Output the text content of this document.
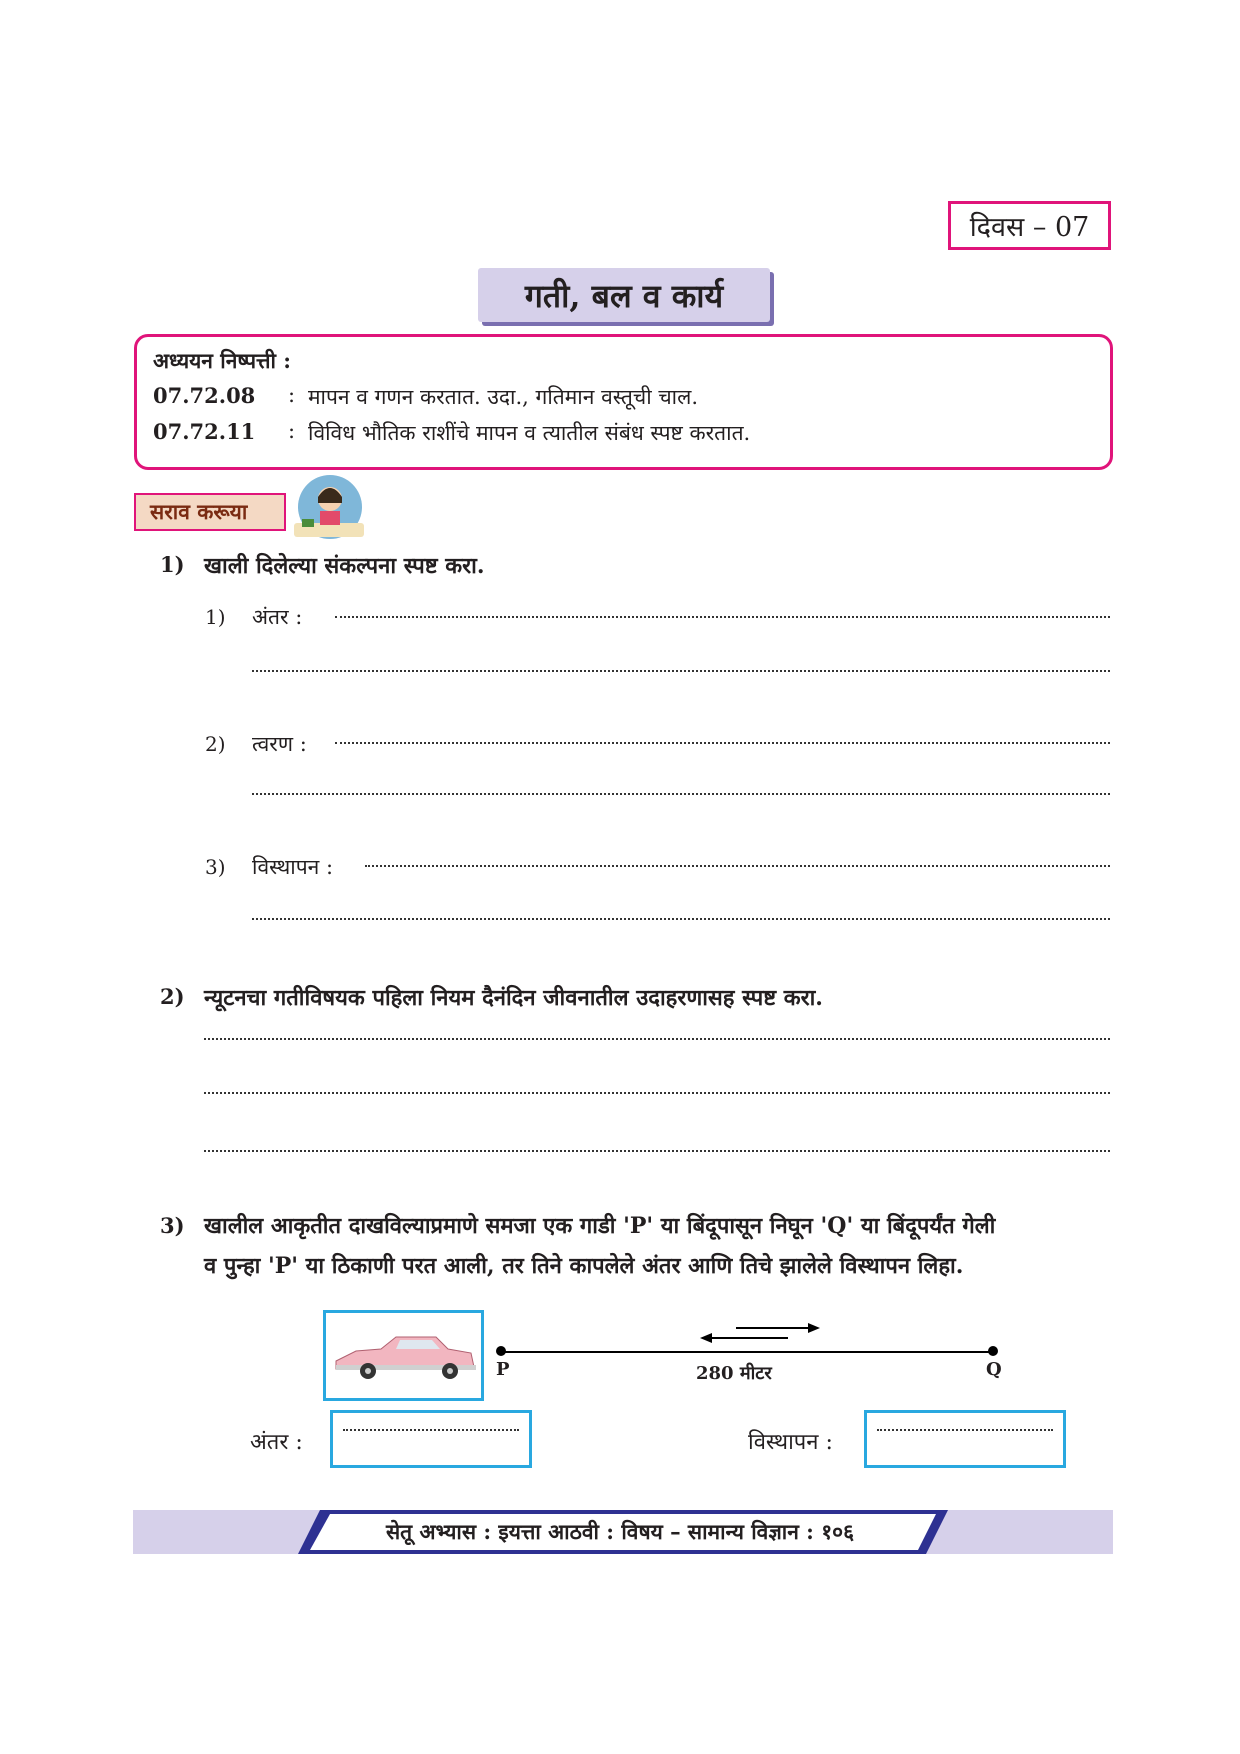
दिवस – 07
गती, बल व कार्य
अध्ययन निष्पत्ती :
07.72.08	: मापन व गणन करतात. उदा., गतिमान वस्तूची चाल.
07.72.11	: विविध भौतिक राशींचे मापन व त्यातील संबंध स्पष्ट करतात.
सराव करूया
1) खाली दिलेल्या संकल्पना स्पष्ट करा.
1) अंतर :
2) त्वरण :
3) विस्थापन :
2) न्यूटनचा गतीविषयक पहिला नियम दैनंदिन जीवनातील उदाहरणासह स्पष्ट करा.
3) खालील आकृतीत दाखविल्याप्रमाणे समजा एक गाडी 'P' या बिंदूपासून निघून 'Q' या बिंदूपर्यंत गेली
व पुन्हा 'P' या ठिकाणी परत आली, तर तिने कापलेले अंतर आणि तिचे झालेले विस्थापन लिहा.
P	Q
280 मीटर
अंतर :	विस्थापन :
सेतू अभ्यास : इयत्ता आठवी : विषय – सामान्य विज्ञान : १०६
